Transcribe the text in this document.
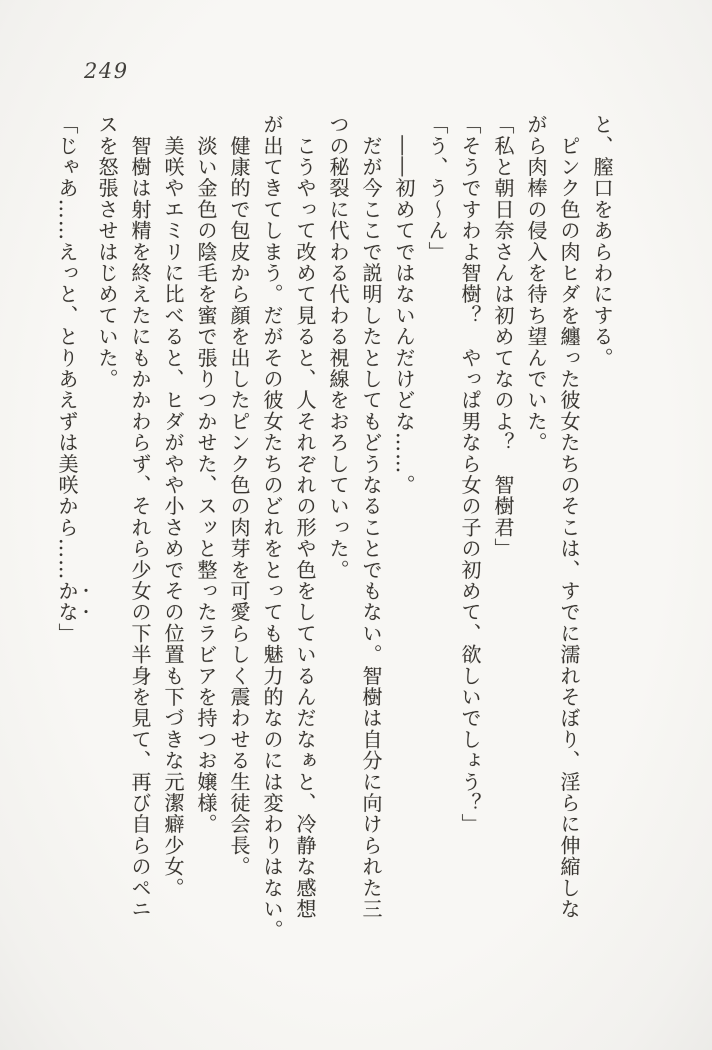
249

と、膣口をあらわにする。

　ピンク色の肉ヒダを纏った彼女たちのそこは、すでに濡れそぼり、淫らに伸縮しな

がら肉棒の侵入を待ち望んでいた。

「私と朝日奈さんは初めてなのよ？　智樹君」

「そうですわよ智樹？　やっぱ男なら女の子の初めて、欲しいでしょう？」

「う、う～ん」

　――初めてではないんだけどな……。

　だが今ここで説明したとしてもどうなることでもない。智樹は自分に向けられた三

つの秘裂に代わる代わる視線をおろしていった。

　こうやって改めて見ると、人それぞれの形や色をしているんだなぁと、冷静な感想

が出てきてしまう。だがその彼女たちのどれをとっても魅力的なのには変わりはない。

　健康的で包皮から顔を出したピンク色の肉芽を可愛らしく震わせる生徒会長。

　淡い金色の陰毛を蜜で張りつかせた、スッと整ったラビアを持つお嬢様。

　美咲やエミリに比べると、ヒダがやや小さめでその位置も下づきな元潔癖少女。

　智樹は射精を終えたにもかかわらず、それら少女の下半身を見て、再び自らのペニ

スを怒張させはじめていた。

「じゃあ……えっと、とりあえずは美咲から……かな」
